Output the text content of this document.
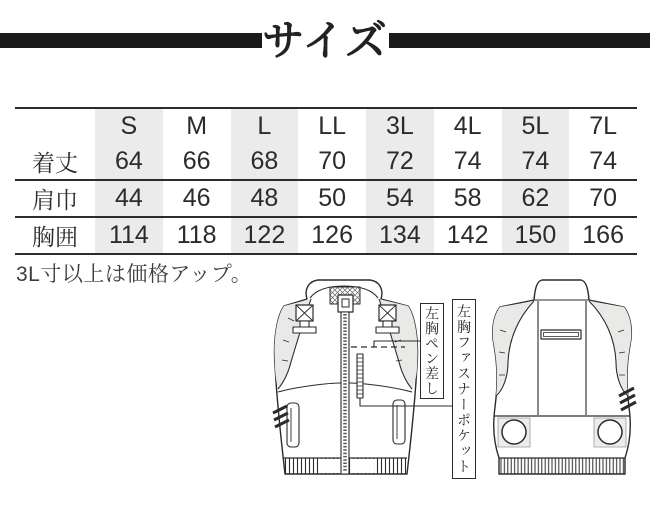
サイズ
	S	M	L	LL	3L	4L	5L	7L
着丈	64	66	68	70	72	74	74	74
肩巾	44	46	48	50	54	58	62	70
胸囲	114	118	122	126	134	142	150	166
3L寸以上は価格アップ。
左胸ペン差し 左胸ファスナーポケット
